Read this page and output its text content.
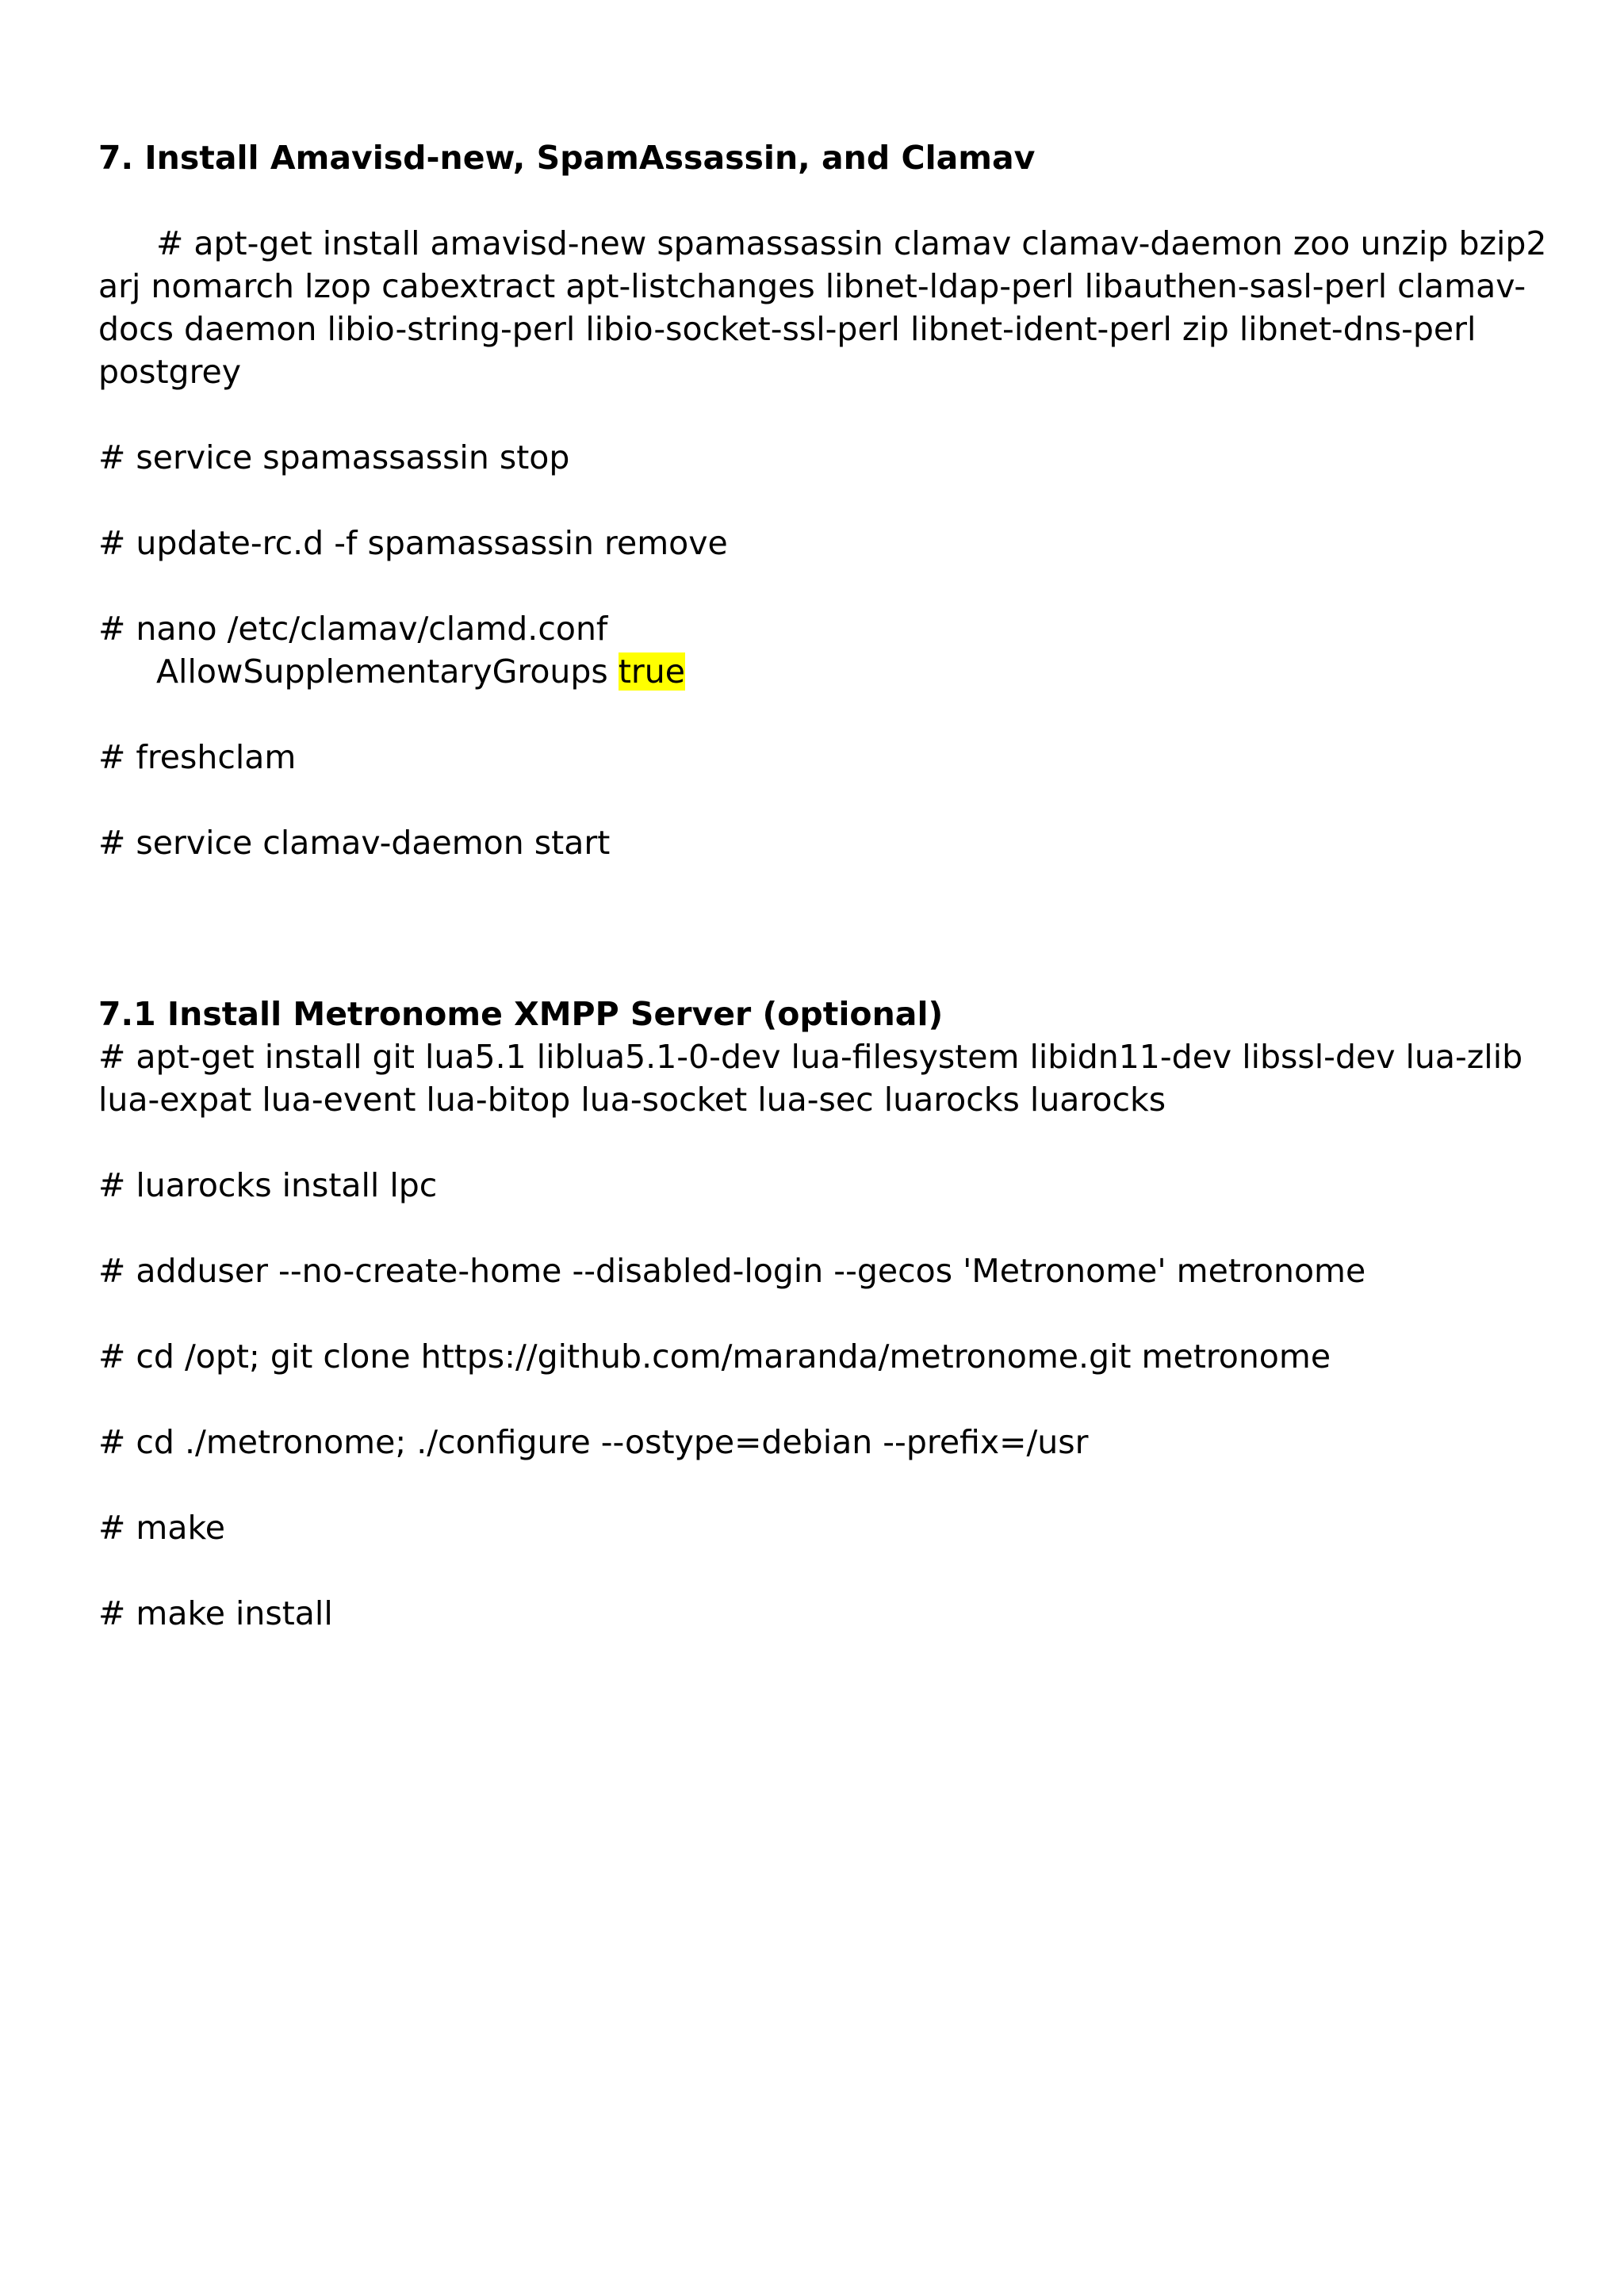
7. Install Amavisd-new, SpamAssassin, and Clamav
# apt-get install amavisd-new spamassassin clamav clamav-daemon zoo unzip bzip2 arj nomarch lzop cabextract apt-listchanges libnet-ldap-perl libauthen-sasl-perl clamav-docs daemon libio-string-perl libio-socket-ssl-perl libnet-ident-perl zip libnet-dns-perl postgrey
# service spamassassin stop
# update-rc.d -f spamassassin remove
# nano /etc/clamav/clamd.conf
AllowSupplementaryGroups true
# freshclam
# service clamav-daemon start
7.1 Install Metronome XMPP Server (optional)
# apt-get install git lua5.1 liblua5.1-0-dev lua-filesystem libidn11-dev libssl-dev lua-zlib lua-expat lua-event lua-bitop lua-socket lua-sec luarocks luarocks
# luarocks install lpc
# adduser --no-create-home --disabled-login --gecos 'Metronome' metronome
# cd /opt; git clone https://github.com/maranda/metronome.git metronome
# cd ./metronome; ./configure --ostype=debian --prefix=/usr
# make
# make install
